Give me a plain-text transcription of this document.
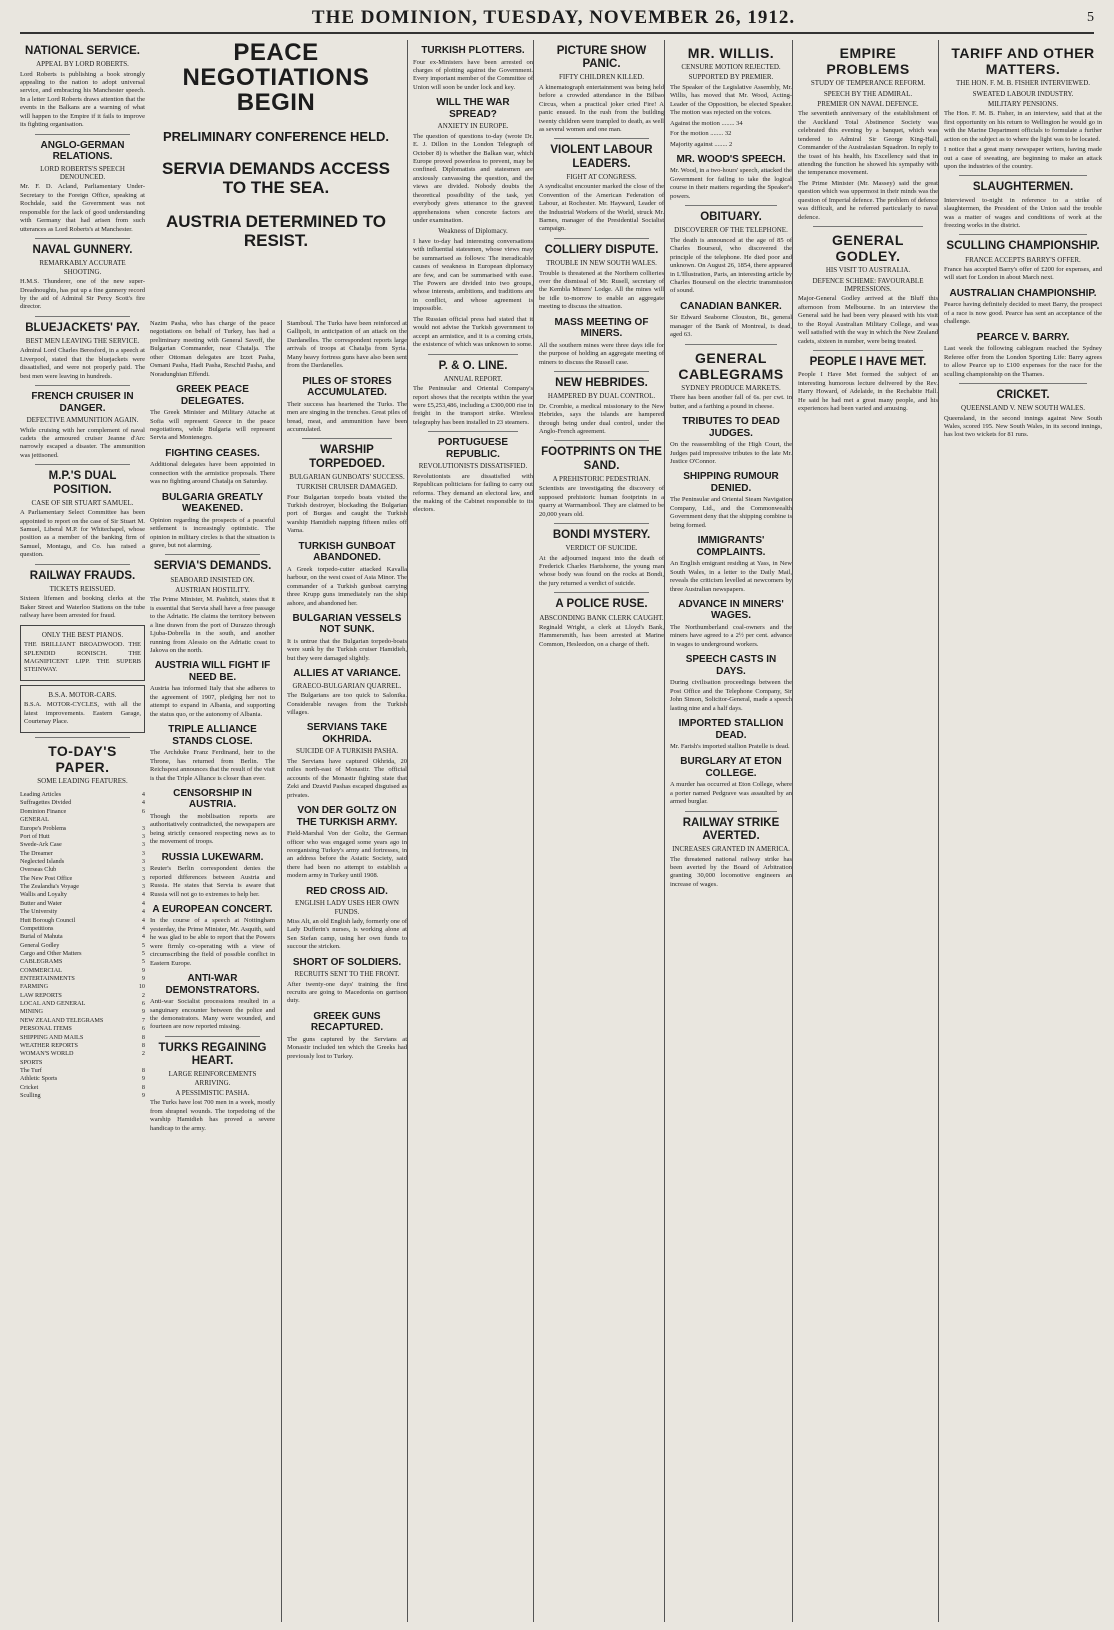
THE DOMINION, TUESDAY, NOVEMBER 26, 1912.	5
NATIONAL SERVICE.
APPEAL BY LORD ROBERTS.
Lord Roberts is publishing a book strongly appealing to the nation to adopt universal service, and embracing his Manchester speech. In a letter Lord Roberts draws attention that the events in the Balkans are a warning of what will happen to the Empire if it fails to improve its fighting organisation.
ANGLO-GERMAN RELATIONS.
LORD ROBERTS'S SPEECH DENOUNCED.
Mr. F. D. Acland, Parliamentary Under-Secretary to the Foreign Office, speaking at Rochdale, said the Government was not responsible for the lack of good understanding with Germany that had arisen from such utterances as Lord Roberts's at Manchester.
NAVAL GUNNERY.
REMARKABLY ACCURATE SHOOTING.
H.M.S. Thunderer, one of the new super-Dreadnoughts, has put up a fine gunnery record by the aid of Admiral Sir Percy Scott's fire director.
BLUEJACKETS' PAY.
BEST MEN LEAVING THE SERVICE.
Admiral Lord Charles Beresford, in a speech at Liverpool, stated that the bluejackets were dissatisfied, and were not properly paid. The best men were leaving in hundreds.
FRENCH CRUISER IN DANGER.
DEFECTIVE AMMUNITION AGAIN.
While cruising with her complement of naval cadets the armoured cruiser Jeanne d'Arc narrowly escaped a disaster. The ammunition was jettisoned.
M.P.'S DUAL POSITION.
CASE OF SIR STUART SAMUEL.
A Parliamentary Select Committee has been appointed to report on the case of Sir Stuart M. Samuel, Liberal M.P. for Whitechapel, whose position as a member of the banking firm of Samuel, Montagu, and Co. has raised a question.
RAILWAY FRAUDS.
TICKETS REISSUED.
Sixteen lifemen and booking clerks at the Baker Street and Waterloo Stations on the tube railway have been arrested for fraud.
ONLY THE BEST PIANOS.
THE BRILLIANT BROADWOOD. THE SPLENDID RONISCH. THE MAGNIFICENT LIPP. THE SUPERB STEINWAY.
B.S.A. MOTOR-CARS.
B.S.A. MOTOR-CYCLES, with all the latest improvements. Eastern Garage, Courtenay Place.
TO-DAY'S PAPER.
SOME LEADING FEATURES.
Leading Articles	4
Suffragettes Divided	4
Dominion Finance	6
GENERAL
Europe's Problems	3
Port of Hutt	3
Swede-Ark Case	3
The Dreamer	3
Neglected Islands	3
Overseas Club	3
The New Post Office	3
The Zealandia's Voyage	3
Wallis and Loyalty	4
Butter and Water	4
The University	4
Hutt Borough Council	4
Competitions	4
Burial of Mahuta	4
General Godley	5
Cargo and Other Matters	5
CABLEGRAMS	5
COMMERCIAL	9
ENTERTAINMENTS	9
FARMING	10
LAW REPORTS	2
LOCAL AND GENERAL	6
MINING	9
NEW ZEALAND TELEGRAMS	7
PERSONAL ITEMS	6
SHIPPING AND MAILS	8
WEATHER REPORTS	8
WOMAN'S WORLD	2
SPORTS
The Turf	8
Athletic Sports	9
Cricket	8
Sculling	9
PEACE NEGOTIATIONS BEGIN
PRELIMINARY CONFERENCE HELD.
SERVIA DEMANDS ACCESS TO THE SEA.
AUSTRIA DETERMINED TO RESIST.
Nazim Pasha, who has charge of the peace negotiations on behalf of Turkey, has had a preliminary meeting with General Savoff, the Bulgarian Commander, near Chatalja. The other Ottoman delegates are Izzet Pasha, Osmani Pasha, Hadi Pasha, Reschid Pasha, and Noradunghian Effendi.
GREEK PEACE DELEGATES.
The Greek Minister and Military Attache at Sofia will represent Greece in the peace negotiations, while Bulgaria will represent Servia and Montenegro.
FIGHTING CEASES.
Additional delegates have been appointed in connection with the armistice proposals. There was no fighting around Chatalja on Saturday.
BULGARIA GREATLY WEAKENED.
Opinion regarding the prospects of a peaceful settlement is increasingly optimistic. The opinion in military circles is that the situation is grave, but not alarming.
SERVIA'S DEMANDS.
SEABOARD INSISTED ON.
AUSTRIAN HOSTILITY.
The Prime Minister, M. Pashitch, states that it is essential that Servia shall have a free passage to the Adriatic. He claims the territory between a line drawn from the port of Durazzo through Ljuba-Dobrella in the south, and another running from Alessio on the Adriatic coast to Jakova on the north.
AUSTRIA WILL FIGHT IF NEED BE.
Austria has informed Italy that she adheres to the agreement of 1907, pledging her not to attempt to expand in Albania, and supporting the status quo, or the autonomy of Albania.
TRIPLE ALLIANCE STANDS CLOSE.
The Archduke Franz Ferdinand, heir to the Throne, has returned from Berlin. The Reichspost announces that the result of the visit is that the Triple Alliance is closer than ever.
CENSORSHIP IN AUSTRIA.
Though the mobilisation reports are authoritatively contradicted, the newspapers are being strictly censored respecting news as to the movement of troops.
RUSSIA LUKEWARM.
Reuter's Berlin correspondent denies the reported differences between Austria and Russia. He states that Servia is aware that Russia will not go to extremes to help her.
A EUROPEAN CONCERT.
In the course of a speech at Nottingham yesterday, the Prime Minister, Mr. Asquith, said he was glad to be able to report that the Powers were firmly co-operating with a view of circumscribing the field of possible conflict in Eastern Europe.
ANTI-WAR DEMONSTRATORS.
Anti-war Socialist processions resulted in a sanguinary encounter between the police and the demonstrators. Many were wounded, and fourteen are now reported missing.
TURKS REGAINING HEART.
LARGE REINFORCEMENTS ARRIVING.
A PESSIMISTIC PASHA.
The Turks have lost 700 men in a week, mostly from shrapnel wounds. The torpedoing of the warship Hamidieh has proved a severe handicap to the army.
Stamboul. The Turks have been reinforced at Gallipoli, in anticipation of an attack on the Dardanelles. The correspondent reports large arrivals of troops at Chatalja from Syria. Many heavy fortress guns have also been sent from the Dardanelles.
PILES OF STORES ACCUMULATED.
Their success has heartened the Turks. The men are singing in the trenches. Great piles of bread, meat, and ammunition have been accumulated.
WARSHIP TORPEDOED.
BULGARIAN GUNBOATS' SUCCESS.
TURKISH CRUISER DAMAGED.
Four Bulgarian torpedo boats visited the Turkish destroyer, blockading the Bulgarian port of Burgas and caught the Turkish warship Hamidieh napping fifteen miles off Varna.
TURKISH GUNBOAT ABANDONED.
A Greek torpedo-cutter attacked Kavalla harbour, on the west coast of Asia Minor. The commander of a Turkish gunboat carrying three Krupp guns immediately ran the ship ashore, and abandoned her.
BULGARIAN VESSELS NOT SUNK.
It is untrue that the Bulgarian torpedo-boats were sunk by the Turkish cruiser Hamidieh, but they were damaged slightly.
ALLIES AT VARIANCE.
GRAECO-BULGARIAN QUARREL.
The Bulgarians are too quick to Salonika. Considerable ravages from the Turkish villages.
SERVIANS TAKE OKHRIDA.
SUICIDE OF A TURKISH PASHA.
The Servians have captured Okhrida, 20 miles north-east of Monastir. The official accounts of the Monastir fighting state that Zeki and Dzavid Pashas escaped disguised as privates.
VON DER GOLTZ ON THE TURKISH ARMY.
Field-Marshal Von der Goltz, the German officer who was engaged some years ago in reorganising Turkey's army and fortresses, in an address before the Asiatic Society, said there had been no attempt to establish a modern army in Turkey until 1908.
RED CROSS AID.
ENGLISH LADY USES HER OWN FUNDS.
Miss Alt, an old English lady, formerly one of Lady Dufferin's nurses, is working alone at Sen Stefan camp, using her own funds to succour the stricken.
SHORT OF SOLDIERS.
RECRUITS SENT TO THE FRONT.
After twenty-one days' training the first recruits are going to Macedonia on garrison duty.
GREEK GUNS RECAPTURED.
The guns captured by the Servians at Monastir included ten which the Greeks had previously lost to Turkey.
TURKISH PLOTTERS.
Four ex-Ministers have been arrested on charges of plotting against the Government. Every important member of the Committee of Union will soon be under lock and key.
WILL THE WAR SPREAD?
ANXIETY IN EUROPE.
The question of questions to-day (wrote Dr. E. J. Dillon in the London Telegraph of October 8) is whether the Balkan war, which Europe proved powerless to prevent, may be confined. Diplomatists and statesmen are anxiously canvassing the question, and the views are divided. Nobody doubts the theoretical possibility of the task, yet everybody gives utterance to the gravest apprehensions when concrete factors are under examination.
Weakness of Diplomacy.
I have to-day had interesting conversations with influential statesmen, whose views may be summarised as follows: The ineradicable causes of weakness in European diplomacy are few, and can be summarised with ease. The Powers are divided into two groups, whose interests, ambitions, and traditions are in conflict, and whose agreement is impossible.
The Russian official press had stated that it would not advise the Turkish government to accept an armistice, and it is a coming crisis, the existence of which was unknown to some.
P. & O. LINE.
ANNUAL REPORT.
The Peninsular and Oriental Company's report shows that the receipts within the year were £5,253,486, including a £300,000 rise in freight in the transport strike. Wireless telegraphy has been installed in 23 steamers.
PORTUGUESE REPUBLIC.
REVOLUTIONISTS DISSATISFIED.
Revolutionists are dissatisfied with Republican politicians for failing to carry out reforms. They demand an electoral law, and the making of the Cabinet responsible to its electors.
PICTURE SHOW PANIC.
FIFTY CHILDREN KILLED.
A kinematograph entertainment was being held before a crowded attendance in the Bilbao Circus, when a practical joker cried Fire! A panic ensued. In the rush from the building twenty children were trampled to death, as well as several women and one man.
VIOLENT LABOUR LEADERS.
FIGHT AT CONGRESS.
A syndicalist encounter marked the close of the Convention of the American Federation of Labour, at Rochester. Mr. Hayward, Leader of the Industrial Workers of the World, struck Mr. Barnes, manager of the Presidential Socialist campaign.
COLLIERY DISPUTE.
TROUBLE IN NEW SOUTH WALES.
Trouble is threatened at the Northern collieries over the dismissal of Mr. Rusell, secretary of the Kembla Miners' Lodge. All the mines will be idle to-morrow to enable an aggregate meeting to discuss the situation.
MASS MEETING OF MINERS.
All the southern mines were three days idle for the purpose of holding an aggregate meeting of miners to discuss the Russell case.
NEW HEBRIDES.
HAMPERED BY DUAL CONTROL.
Dr. Crombie, a medical missionary to the New Hebrides, says the islands are hampered through being under dual control, under the Anglo-French agreement.
FOOTPRINTS ON THE SAND.
A PREHISTORIC PEDESTRIAN.
Scientists are investigating the discovery of supposed prehistoric human footprints in a quarry at Warrnambool. They are claimed to be 20,000 years old.
BONDI MYSTERY.
VERDICT OF SUICIDE.
At the adjourned inquest into the death of Frederick Charles Hartshorne, the young man whose body was found on the rocks at Bondi, the jury returned a verdict of suicide.
A POLICE RUSE.
ABSCONDING BANK CLERK CAUGHT.
Reginald Wright, a clerk at Lloyd's Bank, Hammersmith, has been arrested at Marine Common, Hesleedon, on a charge of theft.
MR. WILLIS.
CENSURE MOTION REJECTED.
SUPPORTED BY PREMIER.
The Speaker of the Legislative Assembly, Mr. Willis, has moved that Mr. Wood, Acting-Leader of the Opposition, be elected Speaker. The motion was rejected on the voices.
Against the motion ........ 34
For the motion ........ 32
Majority against ........ 2
MR. WOOD'S SPEECH.
Mr. Wood, in a two-hours' speech, attacked the Government for failing to take the logical course in their matters regarding the Speaker's powers.
OBITUARY.
DISCOVERER OF THE TELEPHONE.
The death is announced at the age of 85 of Charles Bourseul, who discovered the principle of the telephone. He died poor and unknown. On August 26, 1854, there appeared in L'Illustration, Paris, an interesting article by Charles Bourseul on the electric transmission of sound.
CANADIAN BANKER.
Sir Edward Seaborne Clouston, Bt., general manager of the Bank of Montreal, is dead, aged 63.
GENERAL CABLEGRAMS
SYDNEY PRODUCE MARKETS.
There has been another fall of 6s. per cwt. in butter, and a farthing a pound in cheese.
TRIBUTES TO DEAD JUDGES.
On the reassembling of the High Court, the Judges paid impressive tributes to the late Mr. Justice O'Connor.
SHIPPING RUMOUR DENIED.
The Peninsular and Oriental Steam Navigation Company, Ltd., and the Commonwealth Government deny that the shipping combine is being formed.
IMMIGRANTS' COMPLAINTS.
An English emigrant residing at Yass, in New South Wales, in a letter to the Daily Mail, reveals the criticism levelled at newcomers by three Australian newspapers.
ADVANCE IN MINERS' WAGES.
The Northumberland coal-owners and the miners have agreed to a 2½ per cent. advance in wages to underground workers.
SPEECH CASTS IN DAYS.
During civilisation proceedings between the Post Office and the Telephone Company, Sir John Simon, Solicitor-General, made a speech lasting nine and a half days.
IMPORTED STALLION DEAD.
Mr. Farish's imported stallion Pratelle is dead.
BURGLARY AT ETON COLLEGE.
A murder has occurred at Eton College, where a porter named Pedgrave was assaulted by an armed burglar.
RAILWAY STRIKE AVERTED.
INCREASES GRANTED IN AMERICA.
The threatened national railway strike has been averted by the Board of Arbitration granting 30,000 locomotive engineers an increase of wages.
EMPIRE PROBLEMS
STUDY OF TEMPERANCE REFORM.
SPEECH BY THE ADMIRAL.
PREMIER ON NAVAL DEFENCE.
The seventieth anniversary of the establishment of the Auckland Total Abstinence Society was celebrated this evening by a banquet, which was tendered to Admiral Sir George King-Hall, Commander of the Australasian Squadron. In reply to the toast of his health, his Excellency said that in attending the function he showed his sympathy with the temperance movement.
The Prime Minister (Mr. Massey) said the great question which was uppermost in their minds was the question of Imperial defence. The problem of defence was difficult, and he referred particularly to naval defence.
GENERAL GODLEY.
HIS VISIT TO AUSTRALIA.
DEFENCE SCHEME: FAVOURABLE IMPRESSIONS.
Major-General Godley arrived at the Bluff this afternoon from Melbourne. In an interview the General said he had been very pleased with his visit to the Royal Australian Military College, and was well satisfied with the way in which the New Zealand cadets, sixteen in number, were being treated.
PEOPLE I HAVE MET.
People I Have Met formed the subject of an interesting humorous lecture delivered by the Rev. Harry Howard, of Adelaide, in the Rechabite Hall. He said he had met a great many people, and his experiences had been varied and amusing.
TARIFF AND OTHER MATTERS.
THE HON. F. M. B. FISHER INTERVIEWED.
SWEATED LABOUR INDUSTRY.
MILITARY PENSIONS.
The Hon. F. M. B. Fisher, in an interview, said that at the first opportunity on his return to Wellington he would go in with the Marine Department officials to formulate a further action on the subject as to where the light was to be located.
I notice that a great many newspaper writers, having made out a case of sweating, are beginning to make an attack upon the industries of the country.
SLAUGHTERMEN.
Interviewed to-night in reference to a strike of slaughtermen, the President of the Union said the trouble was a matter of wages and conditions of work at the freezing works in the district.
SCULLING CHAMPIONSHIP.
FRANCE ACCEPTS BARRY'S OFFER.
France has accepted Barry's offer of £200 for expenses, and will start for London in about March next.
AUSTRALIAN CHAMPIONSHIP.
Pearce having definitely decided to meet Barry, the prospect of a race is now good. Pearce has sent an acceptance of the challenge.
PEARCE V. BARRY.
Last week the following cablegram reached the Sydney Referee offer from the London Sporting Life: Barry agrees to allow Pearce up to £100 expenses for the race for the sculling championship on the Thames.
CRICKET.
QUEENSLAND V. NEW SOUTH WALES.
Queensland, in the second innings against New South Wales, scored 195. New South Wales, in its second innings, has lost two wickets for 81 runs.
